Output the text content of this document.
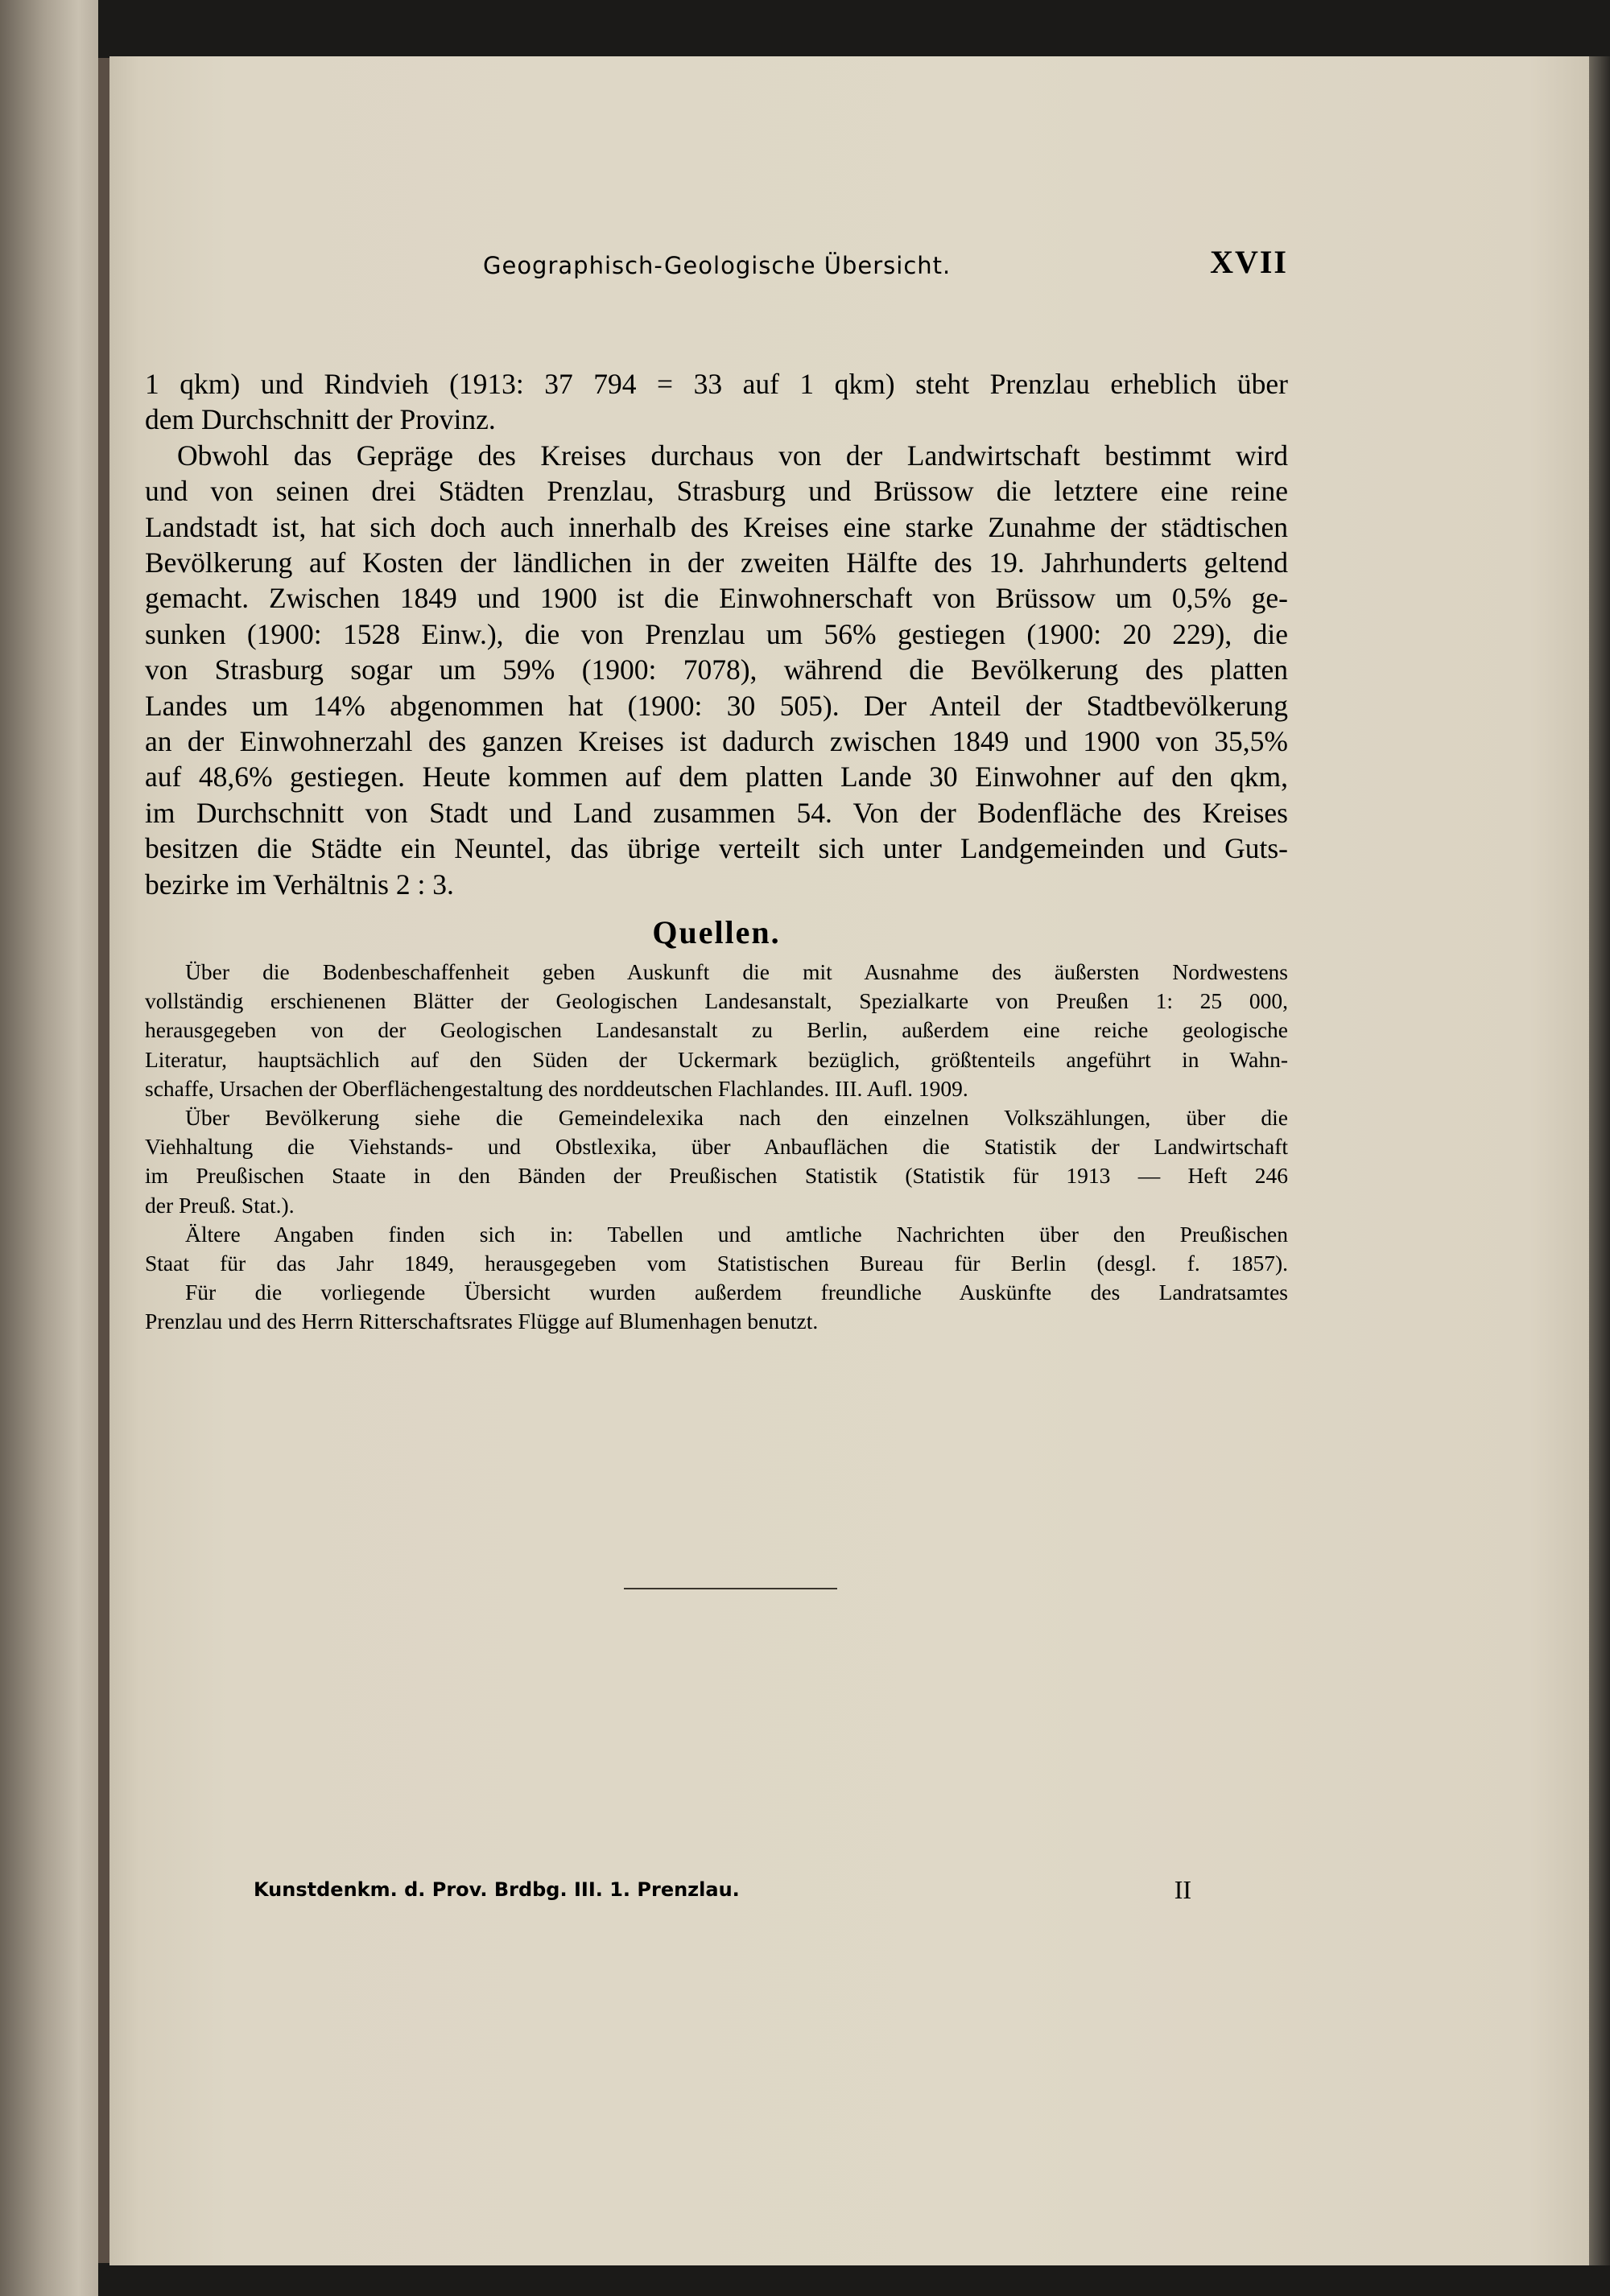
Geographisch-Geologische Übersicht.	XVII
1 qkm) und Rindvieh (1913: 37 794 = 33 auf 1 qkm) steht Prenzlau erheblich über
dem Durchschnitt der Provinz.
Obwohl das Gepräge des Kreises durchaus von der Landwirtschaft bestimmt wird
und von seinen drei Städten Prenzlau, Strasburg und Brüssow die letztere eine reine
Landstadt ist, hat sich doch auch innerhalb des Kreises eine starke Zunahme der städtischen
Bevölkerung auf Kosten der ländlichen in der zweiten Hälfte des 19. Jahrhunderts geltend
gemacht. Zwischen 1849 und 1900 ist die Einwohnerschaft von Brüssow um 0,5% ge-
sunken (1900: 1528 Einw.), die von Prenzlau um 56% gestiegen (1900: 20 229), die
von Strasburg sogar um 59% (1900: 7078), während die Bevölkerung des platten
Landes um 14% abgenommen hat (1900: 30 505). Der Anteil der Stadtbevölkerung
an der Einwohnerzahl des ganzen Kreises ist dadurch zwischen 1849 und 1900 von 35,5%
auf 48,6% gestiegen. Heute kommen auf dem platten Lande 30 Einwohner auf den qkm,
im Durchschnitt von Stadt und Land zusammen 54. Von der Bodenfläche des Kreises
besitzen die Städte ein Neuntel, das übrige verteilt sich unter Landgemeinden und Guts-
bezirke im Verhältnis 2 : 3.
Quellen.
Über die Bodenbeschaffenheit geben Auskunft die mit Ausnahme des äußersten Nordwestens
vollständig erschienenen Blätter der Geologischen Landesanstalt, Spezialkarte von Preußen 1: 25 000,
herausgegeben von der Geologischen Landesanstalt zu Berlin, außerdem eine reiche geologische
Literatur, hauptsächlich auf den Süden der Uckermark bezüglich, größtenteils angeführt in Wahn-
schaffe, Ursachen der Oberflächengestaltung des norddeutschen Flachlandes. III. Aufl. 1909.
Über Bevölkerung siehe die Gemeindelexika nach den einzelnen Volkszählungen, über die
Viehhaltung die Viehstands- und Obstlexika, über Anbauflächen die Statistik der Landwirtschaft
im Preußischen Staate in den Bänden der Preußischen Statistik (Statistik für 1913 — Heft 246
der Preuß. Stat.).
Ältere Angaben finden sich in: Tabellen und amtliche Nachrichten über den Preußischen
Staat für das Jahr 1849, herausgegeben vom Statistischen Bureau für Berlin (desgl. f. 1857).
Für die vorliegende Übersicht wurden außerdem freundliche Auskünfte des Landratsamtes
Prenzlau und des Herrn Ritterschaftsrates Flügge auf Blumenhagen benutzt.
Kunstdenkm. d. Prov. Brdbg. III. 1. Prenzlau.	II
